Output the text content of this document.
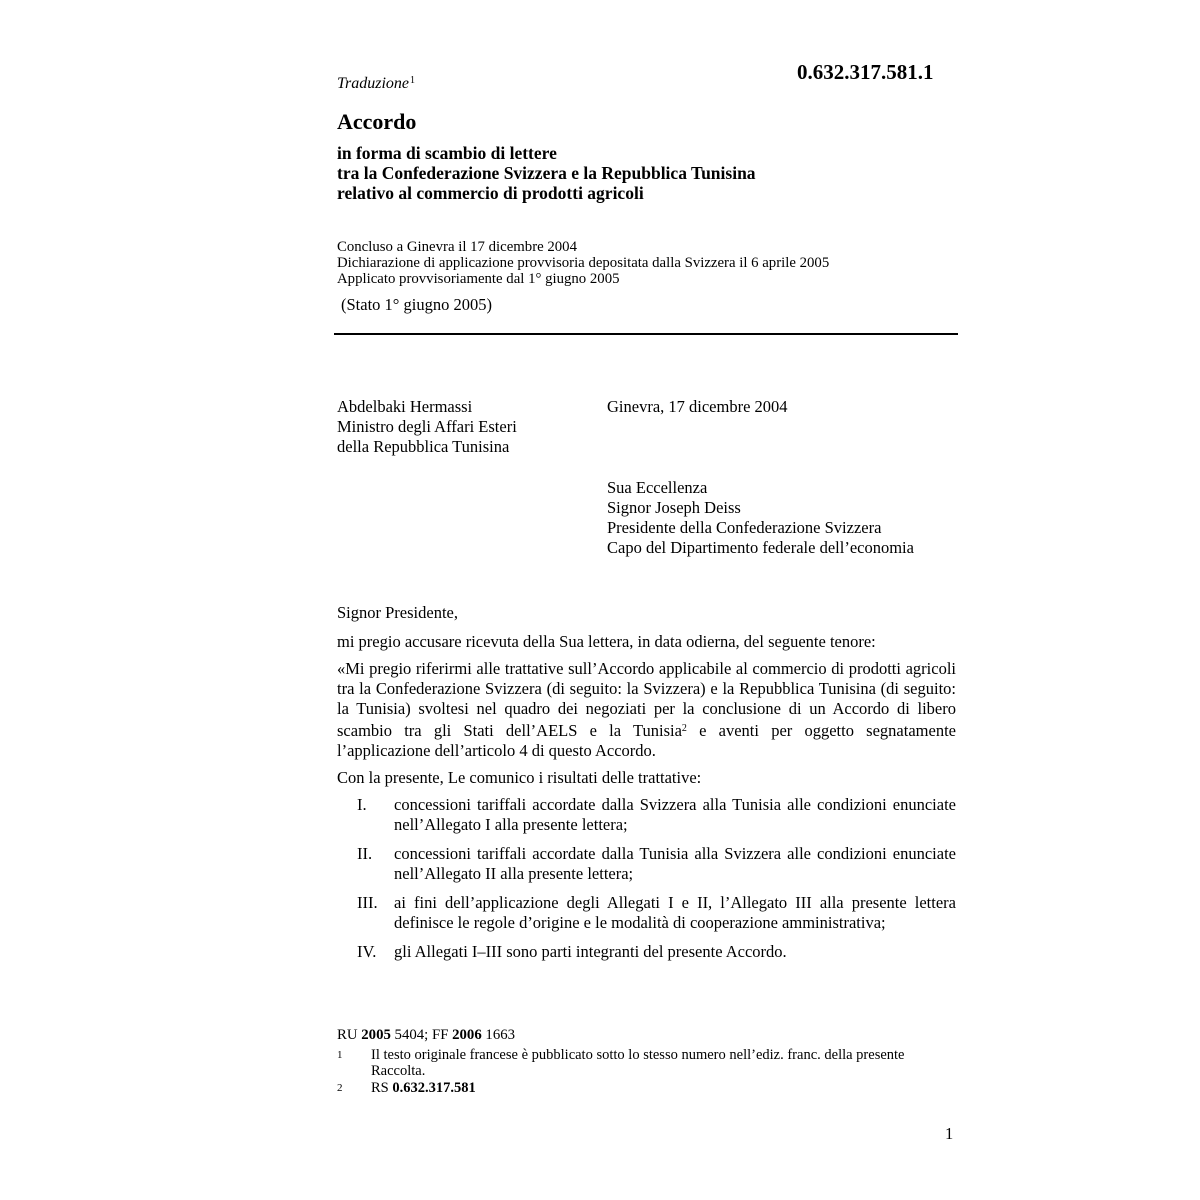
0.632.317.581.1
Traduzione$^1$
Accordo
in forma di scambio di lettere
tra la Confederazione Svizzera e la Repubblica Tunisina
relativo al commercio di prodotti agricoli
Concluso a Ginevra il 17 dicembre 2004
Dichiarazione di applicazione provvisoria depositata dalla Svizzera il 6 aprile 2005
Applicato provvisoriamente dal 1° giugno 2005
(Stato 1° giugno 2005)
Abdelbaki Hermassi
Ministro degli Affari Esteri
della Repubblica Tunisina
Ginevra, 17 dicembre 2004
Sua Eccellenza
Signor Joseph Deiss
Presidente della Confederazione Svizzera
Capo del Dipartimento federale dell’economia

Signor Presidente,

mi pregio accusare ricevuta della Sua lettera, in data odierna, del seguente tenore:

«Mi pregio riferirmi alle trattative sull’Accordo applicabile al commercio di prodotti agricoli tra la Confederazione Svizzera (di seguito: la Svizzera) e la Repubblica Tunisina (di seguito: la Tunisia) svoltesi nel quadro dei negoziati per la conclusione di un Accordo di libero scambio tra gli Stati dell’AELS e la Tunisia$^2$ e aventi per oggetto segnatamente l’applicazione dell’articolo 4 di questo Accordo.

Con la presente, Le comunico i risultati delle trattative:

I.	concessioni tariffali accordate dalla Svizzera alla Tunisia alle condizioni enunciate nell’Allegato I alla presente lettera;
II.	concessioni tariffali accordate dalla Tunisia alla Svizzera alle condizioni enunciate nell’Allegato II alla presente lettera;
III. ai fini dell’applicazione degli Allegati I e II, l’Allegato III alla presente lettera definisce le regole d’origine e le modalità di cooperazione amministrativa;
IV.	gli Allegati I–III sono parti integranti del presente Accordo.
RU 2005 5404; FF 2006 1663
1	Il testo originale francese è pubblicato sotto lo stesso numero nell’ediz. franc. della presente Raccolta.
2	RS 0.632.317.581
1
